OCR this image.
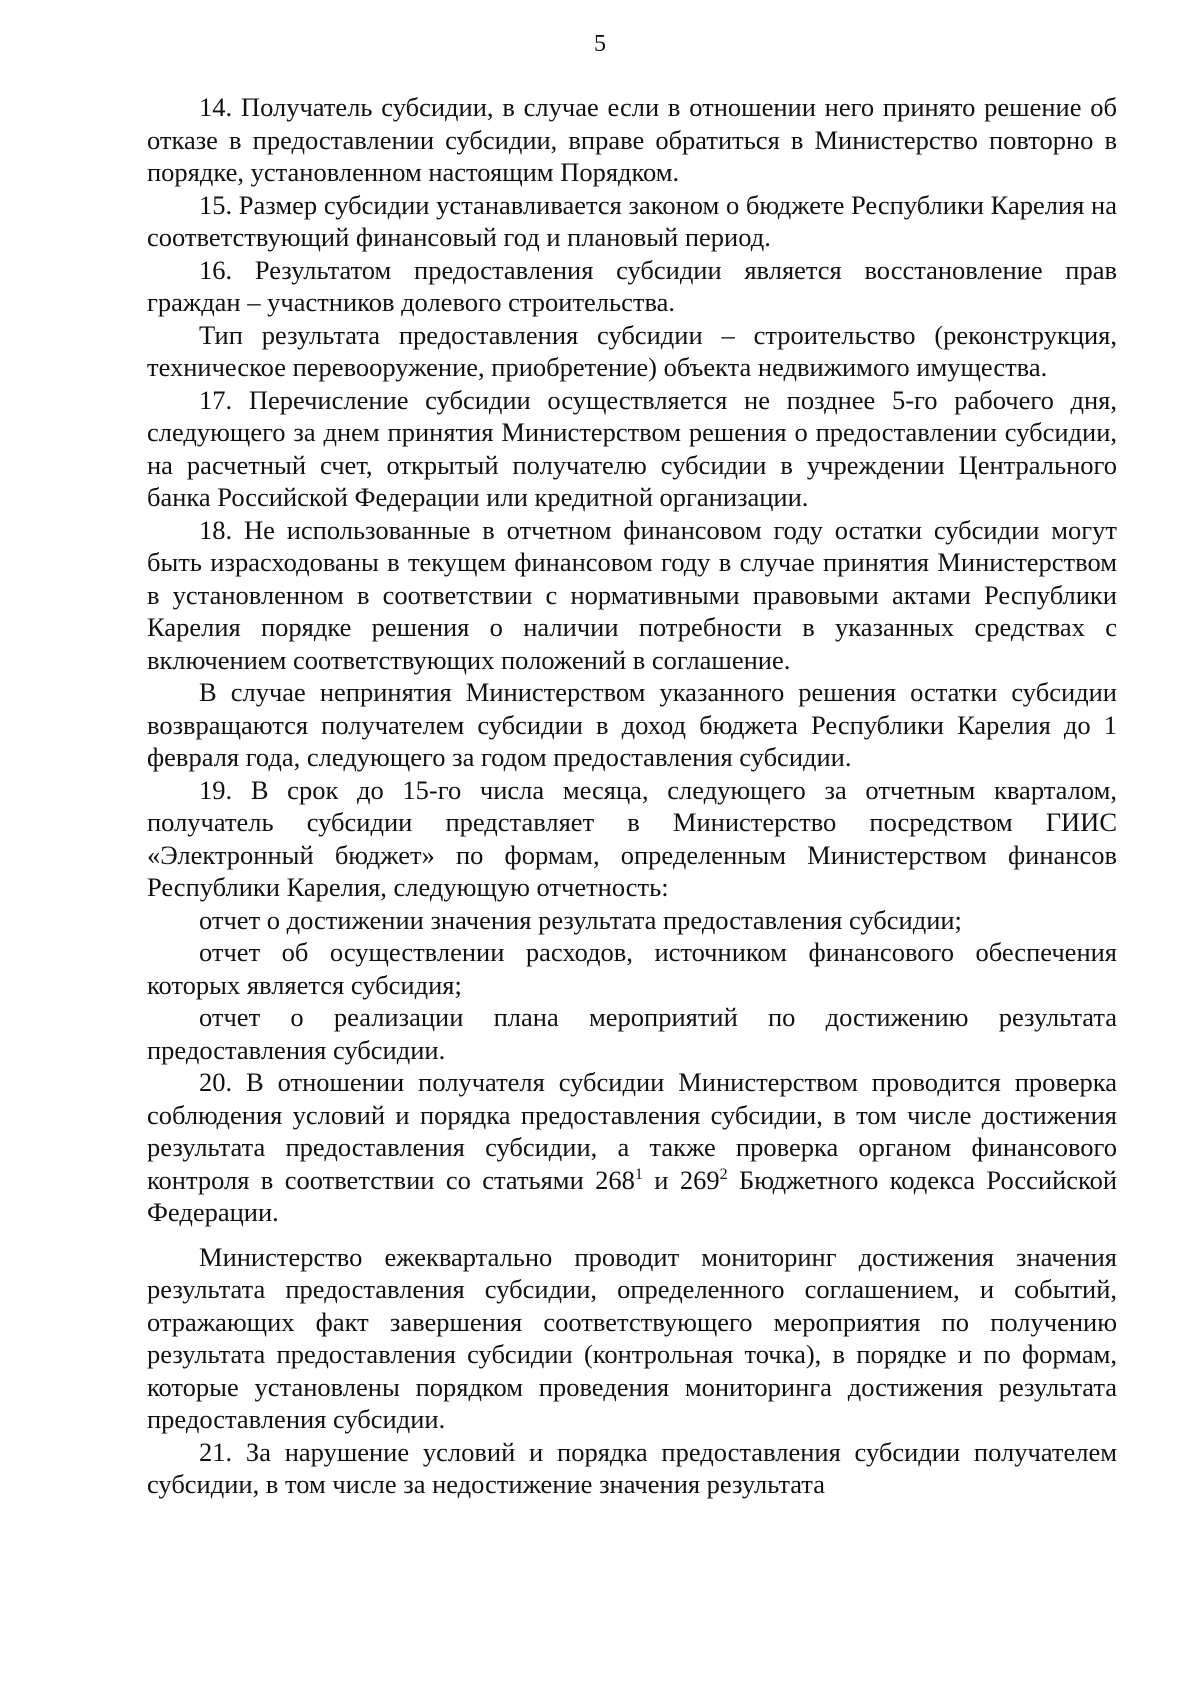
5

14. Получатель субсидии, в случае если в отношении него принято решение об отказе в предоставлении субсидии, вправе обратиться в Министерство повторно в порядке, установленном настоящим Порядком.

15. Размер субсидии устанавливается законом о бюджете Республики Карелия на соответствующий финансовый год и плановый период.

16. Результатом предоставления субсидии является восстановление прав граждан – участников долевого строительства.

Тип результата предоставления субсидии – строительство (реконструкция, техническое перевооружение, приобретение) объекта недвижимого имущества.

17. Перечисление субсидии осуществляется не позднее 5-го рабочего дня, следующего за днем принятия Министерством решения о предоставлении субсидии, на расчетный счет, открытый получателю субсидии в учреждении Центрального банка Российской Федерации или кредитной организации.

18. Не использованные в отчетном финансовом году остатки субсидии могут быть израсходованы в текущем финансовом году в случае принятия Министерством в установленном в соответствии с нормативными правовыми актами Республики Карелия порядке решения о наличии потребности в указанных средствах с включением соответствующих положений в соглашение.

В случае непринятия Министерством указанного решения остатки субсидии возвращаются получателем субсидии в доход бюджета Республики Карелия до 1 февраля года, следующего за годом предоставления субсидии.

19. В срок до 15-го числа месяца, следующего за отчетным кварталом, получатель субсидии представляет в Министерство посредством ГИИС «Электронный бюджет» по формам, определенным Министерством финансов Республики Карелия, следующую отчетность:

отчет о достижении значения результата предоставления субсидии;

отчет об осуществлении расходов, источником финансового обеспечения которых является субсидия;

отчет о реализации плана мероприятий по достижению результата предоставления субсидии.

20. В отношении получателя субсидии Министерством проводится проверка соблюдения условий и порядка предоставления субсидии, в том числе достижения результата предоставления субсидии, а также проверка органом финансового контроля в соответствии со статьями $268^1$ и $269^2$ Бюджетного кодекса Российской Федерации.

Министерство ежеквартально проводит мониторинг достижения значения результата предоставления субсидии, определенного соглашением, и событий, отражающих факт завершения соответствующего мероприятия по получению результата предоставления субсидии (контрольная точка), в порядке и по формам, которые установлены порядком проведения мониторинга достижения результата предоставления субсидии.

21. За нарушение условий и порядка предоставления субсидии получателем субсидии, в том числе за недостижение значения результата
